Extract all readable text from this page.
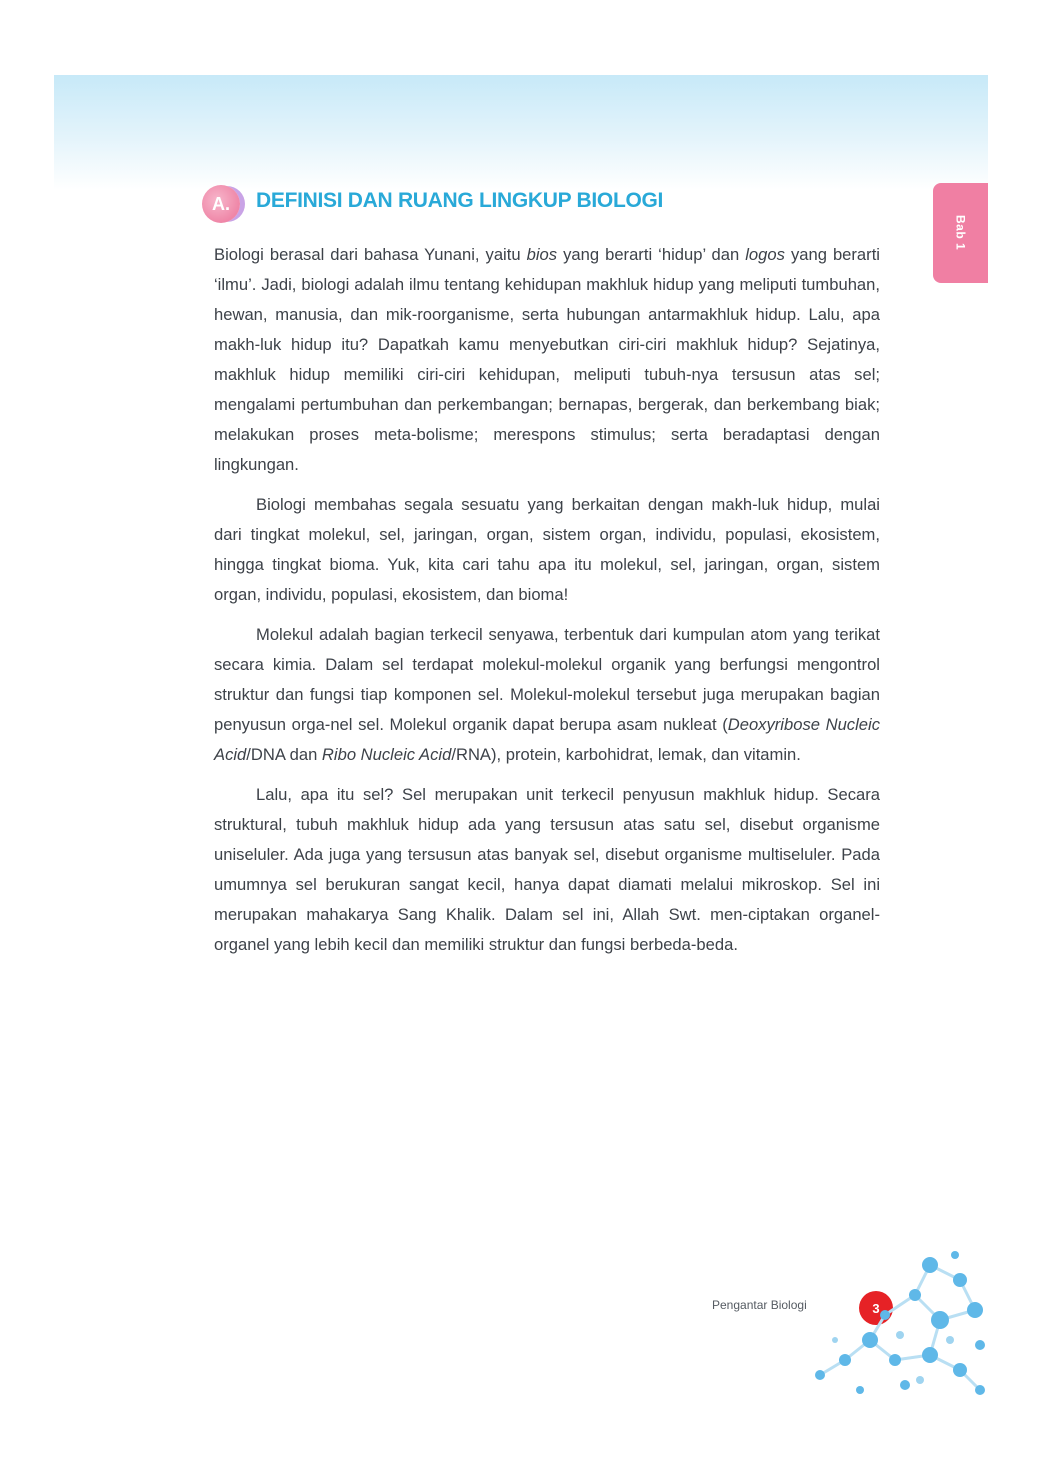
Bab 1
A.	DEFINISI DAN RUANG LINGKUP BIOLOGI

Biologi berasal dari bahasa Yunani, yaitu bios yang berarti ‘hidup’ dan logos yang berarti ‘ilmu’. Jadi, biologi adalah ilmu tentang kehidupan makhluk hidup yang meliputi tumbuhan, hewan, manusia, dan mik-roorganisme, serta hubungan antarmakhluk hidup. Lalu, apa makh-luk hidup itu? Dapatkah kamu menyebutkan ciri-ciri makhluk hidup? Sejatinya, makhluk hidup memiliki ciri-ciri kehidupan, meliputi tubuh-nya tersusun atas sel; mengalami pertumbuhan dan perkembangan; bernapas, bergerak, dan berkembang biak; melakukan proses meta-bolisme; merespons stimulus; serta beradaptasi dengan lingkungan.

Biologi membahas segala sesuatu yang berkaitan dengan makh-luk hidup, mulai dari tingkat molekul, sel, jaringan, organ, sistem organ, individu, populasi, ekosistem, hingga tingkat bioma. Yuk, kita cari tahu apa itu molekul, sel, jaringan, organ, sistem organ, individu, populasi, ekosistem, dan bioma!

Molekul adalah bagian terkecil senyawa, terbentuk dari kumpulan atom yang terikat secara kimia. Dalam sel terdapat molekul-molekul organik yang berfungsi mengontrol struktur dan fungsi tiap komponen sel. Molekul-molekul tersebut juga merupakan bagian penyusun orga-nel sel. Molekul organik dapat berupa asam nukleat (Deoxyribose Nucleic Acid/DNA dan Ribo Nucleic Acid/RNA), protein, karbohidrat, lemak, dan vitamin.

Lalu, apa itu sel? Sel merupakan unit terkecil penyusun makhluk hidup. Secara struktural, tubuh makhluk hidup ada yang tersusun atas satu sel, disebut organisme uniseluler. Ada juga yang tersusun atas banyak sel, disebut organisme multiseluler. Pada umumnya sel berukuran sangat kecil, hanya dapat diamati melalui mikroskop. Sel ini merupakan mahakarya Sang Khalik. Dalam sel ini, Allah Swt. men-ciptakan organel-organel yang lebih kecil dan memiliki struktur dan fungsi berbeda-beda.

Pengantar Biologi	3
